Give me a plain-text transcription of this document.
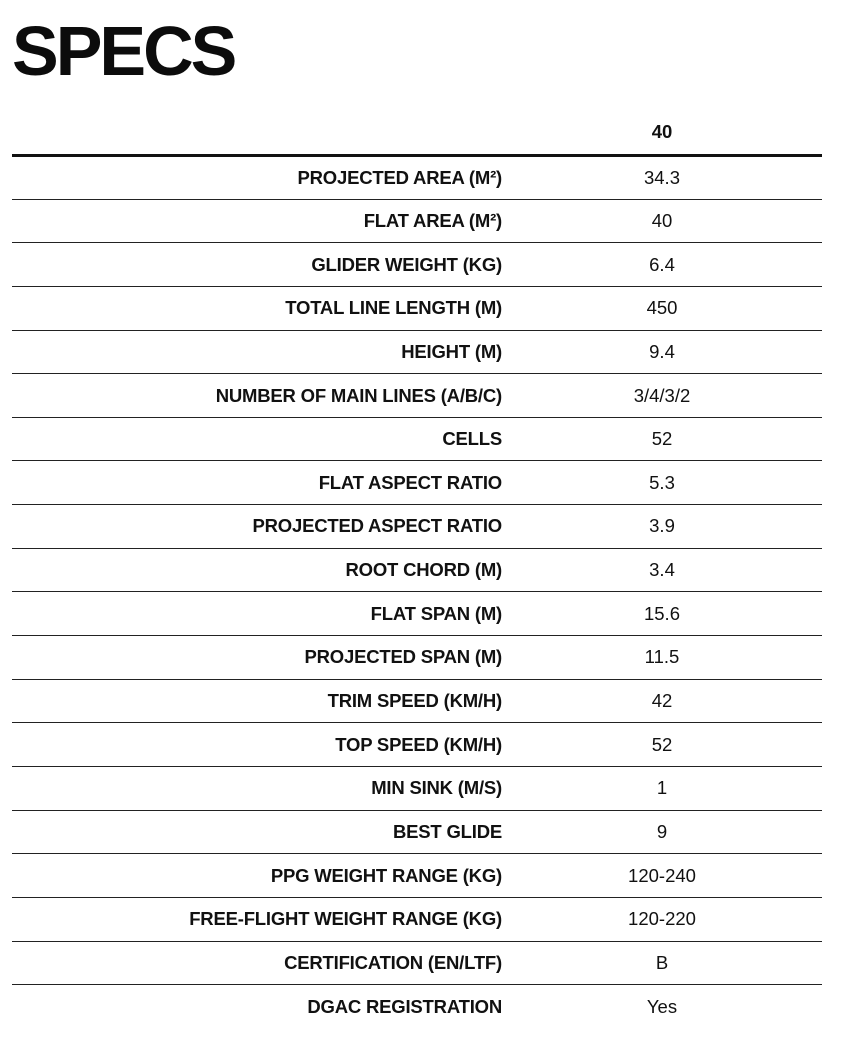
SPECS
	40
PROJECTED AREA (M²)	34.3
FLAT AREA (M²)	40
GLIDER WEIGHT (KG)	6.4
TOTAL LINE LENGTH (M)	450
HEIGHT (M)	9.4
NUMBER OF MAIN LINES (A/B/C)	3/4/3/2
CELLS	52
FLAT ASPECT RATIO	5.3
PROJECTED ASPECT RATIO	3.9
ROOT CHORD (M)	3.4
FLAT SPAN (M)	15.6
PROJECTED SPAN (M)	11.5
TRIM SPEED (KM/H)	42
TOP SPEED (KM/H)	52
MIN SINK (M/S)	1
BEST GLIDE	9
PPG WEIGHT RANGE (KG)	120-240
FREE-FLIGHT WEIGHT RANGE (KG)	120-220
CERTIFICATION (EN/LTF)	B
DGAC REGISTRATION	Yes
